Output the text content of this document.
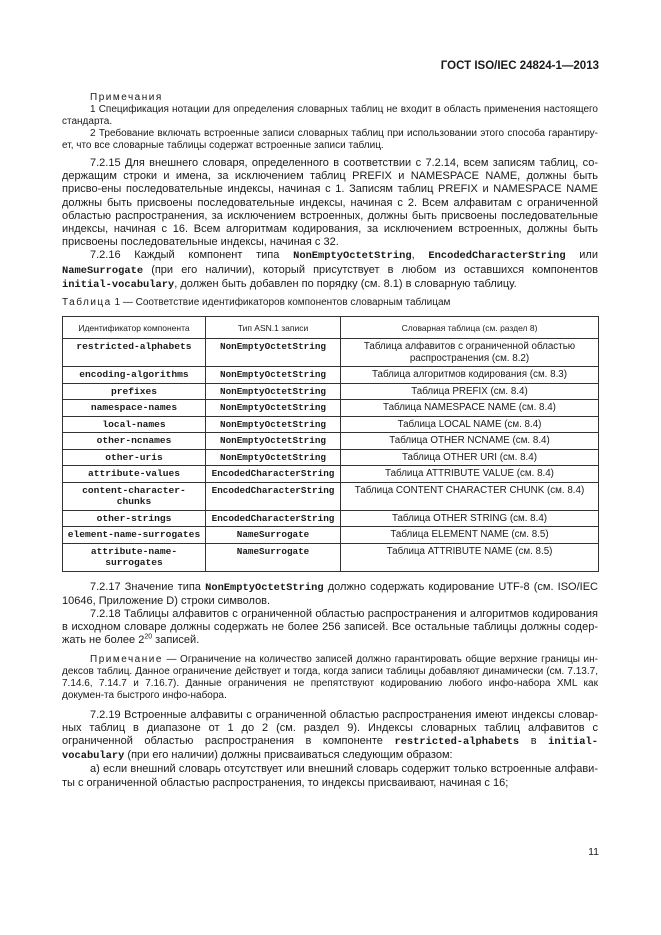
ГОСТ ISO/IEC 24824-1—2013

Примечания

1 Спецификация нотации для определения словарных таблиц не входит в область применения настоящего стандарта.

2 Требование включать встроенные записи словарных таблиц при использовании этого способа гарантиру-ет, что все словарные таблицы содержат встроенные записи таблиц.

7.2.15 Для внешнего словаря, определенного в соответствии с 7.2.14, всем записям таблиц, со-держащим строки и имена, за исключением таблиц PREFIX и NAMESPACE NAME, должны быть присво-ены последовательные индексы, начиная с 1. Записям таблиц PREFIX и NAMESPACE NAME должны быть присвоены последовательные индексы, начиная с 2. Всем алфавитам с ограниченной областью распространения, за исключением встроенных, должны быть присвоены последовательные индексы, начиная с 16. Всем алгоритмам кодирования, за исключением встроенных, должны быть присвоены последовательные индексы, начиная с 32.

7.2.16 Каждый компонент типа NonEmptyOctetString, EncodedCharacterString или NameSurrogate (при его наличии), который присутствует в любом из оставшихся компонентов initial-vocabulary, должен быть добавлен по порядку (см. 8.1) в словарную таблицу.

Таблица 1 — Соответствие идентификаторов компонентов словарным таблицам

Идентификатор компонента	Тип ASN.1 записи	Словарная таблица (см. раздел 8)
restricted-alphabets	NonEmptyOctetString	Таблица алфавитов с ограниченной областью распространения (см. 8.2)
encoding-algorithms	NonEmptyOctetString	Таблица алгоритмов кодирования (см. 8.3)
prefixes	NonEmptyOctetString	Таблица PREFIX (см. 8.4)
namespace-names	NonEmptyOctetString	Таблица NAMESPACE NAME (см. 8.4)
local-names	NonEmptyOctetString	Таблица LOCAL NAME (см. 8.4)
other-ncnames	NonEmptyOctetString	Таблица OTHER NCNAME (см. 8.4)
other-uris	NonEmptyOctetString	Таблица OTHER URI (см. 8.4)
attribute-values	EncodedCharacterString	Таблица ATTRIBUTE VALUE (см. 8.4)
content-character-chunks	EncodedCharacterString	Таблица CONTENT CHARACTER CHUNK (см. 8.4)
other-strings	EncodedCharacterString	Таблица OTHER STRING (см. 8.4)
element-name-surrogates	NameSurrogate	Таблица ELEMENT NAME (см. 8.5)
attribute-name-surrogates	NameSurrogate	Таблица ATTRIBUTE NAME (см. 8.5)

7.2.17 Значение типа NonEmptyOctetString должно содержать кодирование UTF-8 (см. ISO/IEC 10646, Приложение D) строки символов.

7.2.18 Таблицы алфавитов с ограниченной областью распространения и алгоритмов кодирования в исходном словаре должны содержать не более 256 записей. Все остальные таблицы должны содер-жать не более $2^{20}$ записей.

Примечание — Ограничение на количество записей должно гарантировать общие верхние границы ин-дексов таблиц. Данное ограничение действует и тогда, когда записи таблицы добавляют динамически (см. 7.13.7, 7.14.6, 7.14.7 и 7.16.7). Данные ограничения не препятствуют кодированию любого инфо-набора XML как докумен-та быстрого инфо-набора.

7.2.19 Встроенные алфавиты с ограниченной областью распространения имеют индексы словар-ных таблиц в диапазоне от 1 до 2 (см. раздел 9). Индексы словарных таблиц алфавитов с ограниченной областью распространения в компоненте restricted-alphabets в initial-vocabulary (при его наличии) должны присваиваться следующим образом:

а) если внешний словарь отсутствует или внешний словарь содержит только встроенные алфави-ты с ограниченной областью распространения, то индексы присваивают, начиная с 16;

11
